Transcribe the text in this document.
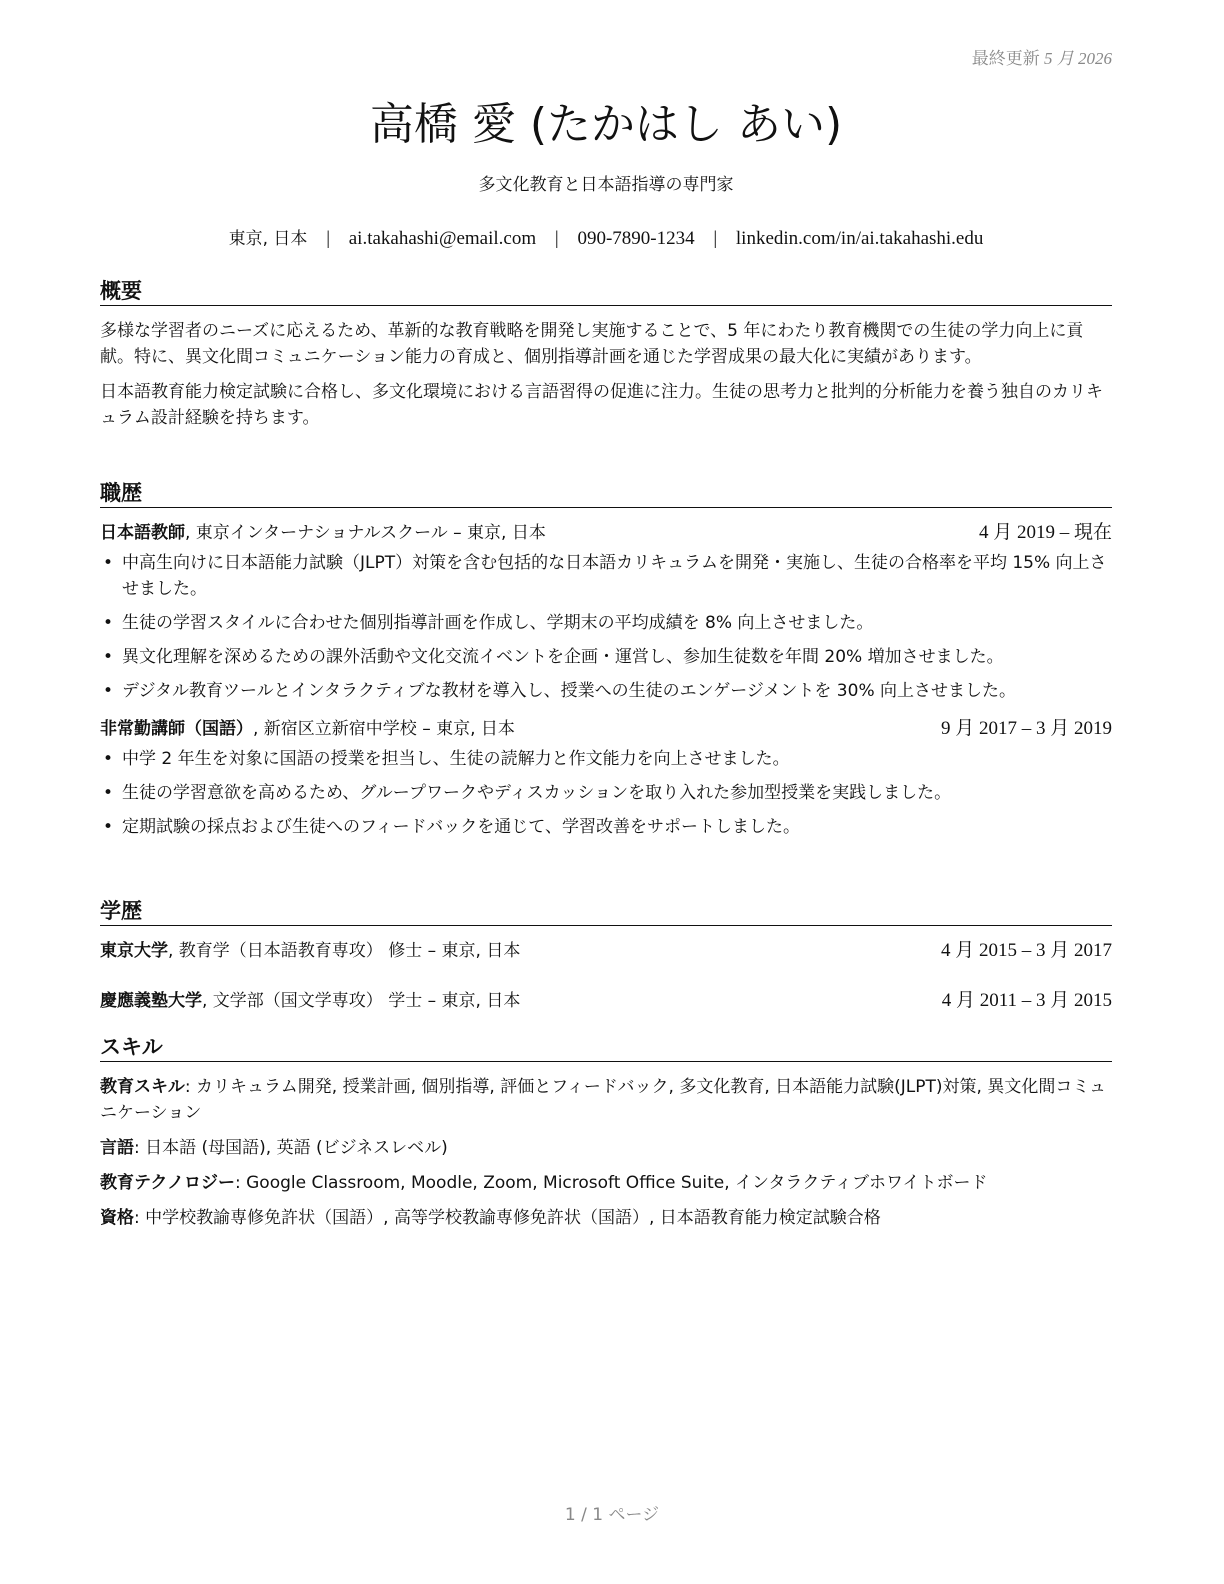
最終更新 5 月 2026
高橋 愛 (たかはし あい)
多文化教育と日本語指導の専門家
東京, 日本 | ai.takahashi@email.com | 090-7890-1234 | linkedin.com/in/ai.takahashi.edu
概要

多様な学習者のニーズに応えるため、革新的な教育戦略を開発し実施することで、5 年にわたり教育機関での生徒の学力向上に貢献。特に、異文化間コミュニケーション能力の育成と、個別指導計画を通じた学習成果の最大化に実績があります。

日本語教育能力検定試験に合格し、多文化環境における言語習得の促進に注力。生徒の思考力と批判的分析能力を養う独自のカリキュラム設計経験を持ちます。

職歴
日本語教師, 東京インターナショナルスクール – 東京, 日本	4 月 2019 – 現在
• 中高生向けに日本語能力試験（JLPT）対策を含む包括的な日本語カリキュラムを開発・実施し、生徒の合格率を平均 15% 向上させました。
• 生徒の学習スタイルに合わせた個別指導計画を作成し、学期末の平均成績を 8% 向上させました。
• 異文化理解を深めるための課外活動や文化交流イベントを企画・運営し、参加生徒数を年間 20% 増加させました。
• デジタル教育ツールとインタラクティブな教材を導入し、授業への生徒のエンゲージメントを 30% 向上させました。
非常勤講師（国語）, 新宿区立新宿中学校 – 東京, 日本	9 月 2017 – 3 月 2019
• 中学 2 年生を対象に国語の授業を担当し、生徒の読解力と作文能力を向上させました。
• 生徒の学習意欲を高めるため、グループワークやディスカッションを取り入れた参加型授業を実践しました。
• 定期試験の採点および生徒へのフィードバックを通じて、学習改善をサポートしました。
学歴
東京大学, 教育学（日本語教育専攻） 修士 – 東京, 日本	4 月 2015 – 3 月 2017
慶應義塾大学, 文学部（国文学専攻） 学士 – 東京, 日本	4 月 2011 – 3 月 2015
スキル
教育スキル: カリキュラム開発, 授業計画, 個別指導, 評価とフィードバック, 多文化教育, 日本語能力試験(JLPT)対策, 異文化間コミュニケーション
言語: 日本語 (母国語), 英語 (ビジネスレベル)
教育テクノロジー: Google Classroom, Moodle, Zoom, Microsoft Office Suite, インタラクティブホワイトボード
資格: 中学校教諭専修免許状（国語）, 高等学校教諭専修免許状（国語）, 日本語教育能力検定試験合格
1 / 1 ページ
